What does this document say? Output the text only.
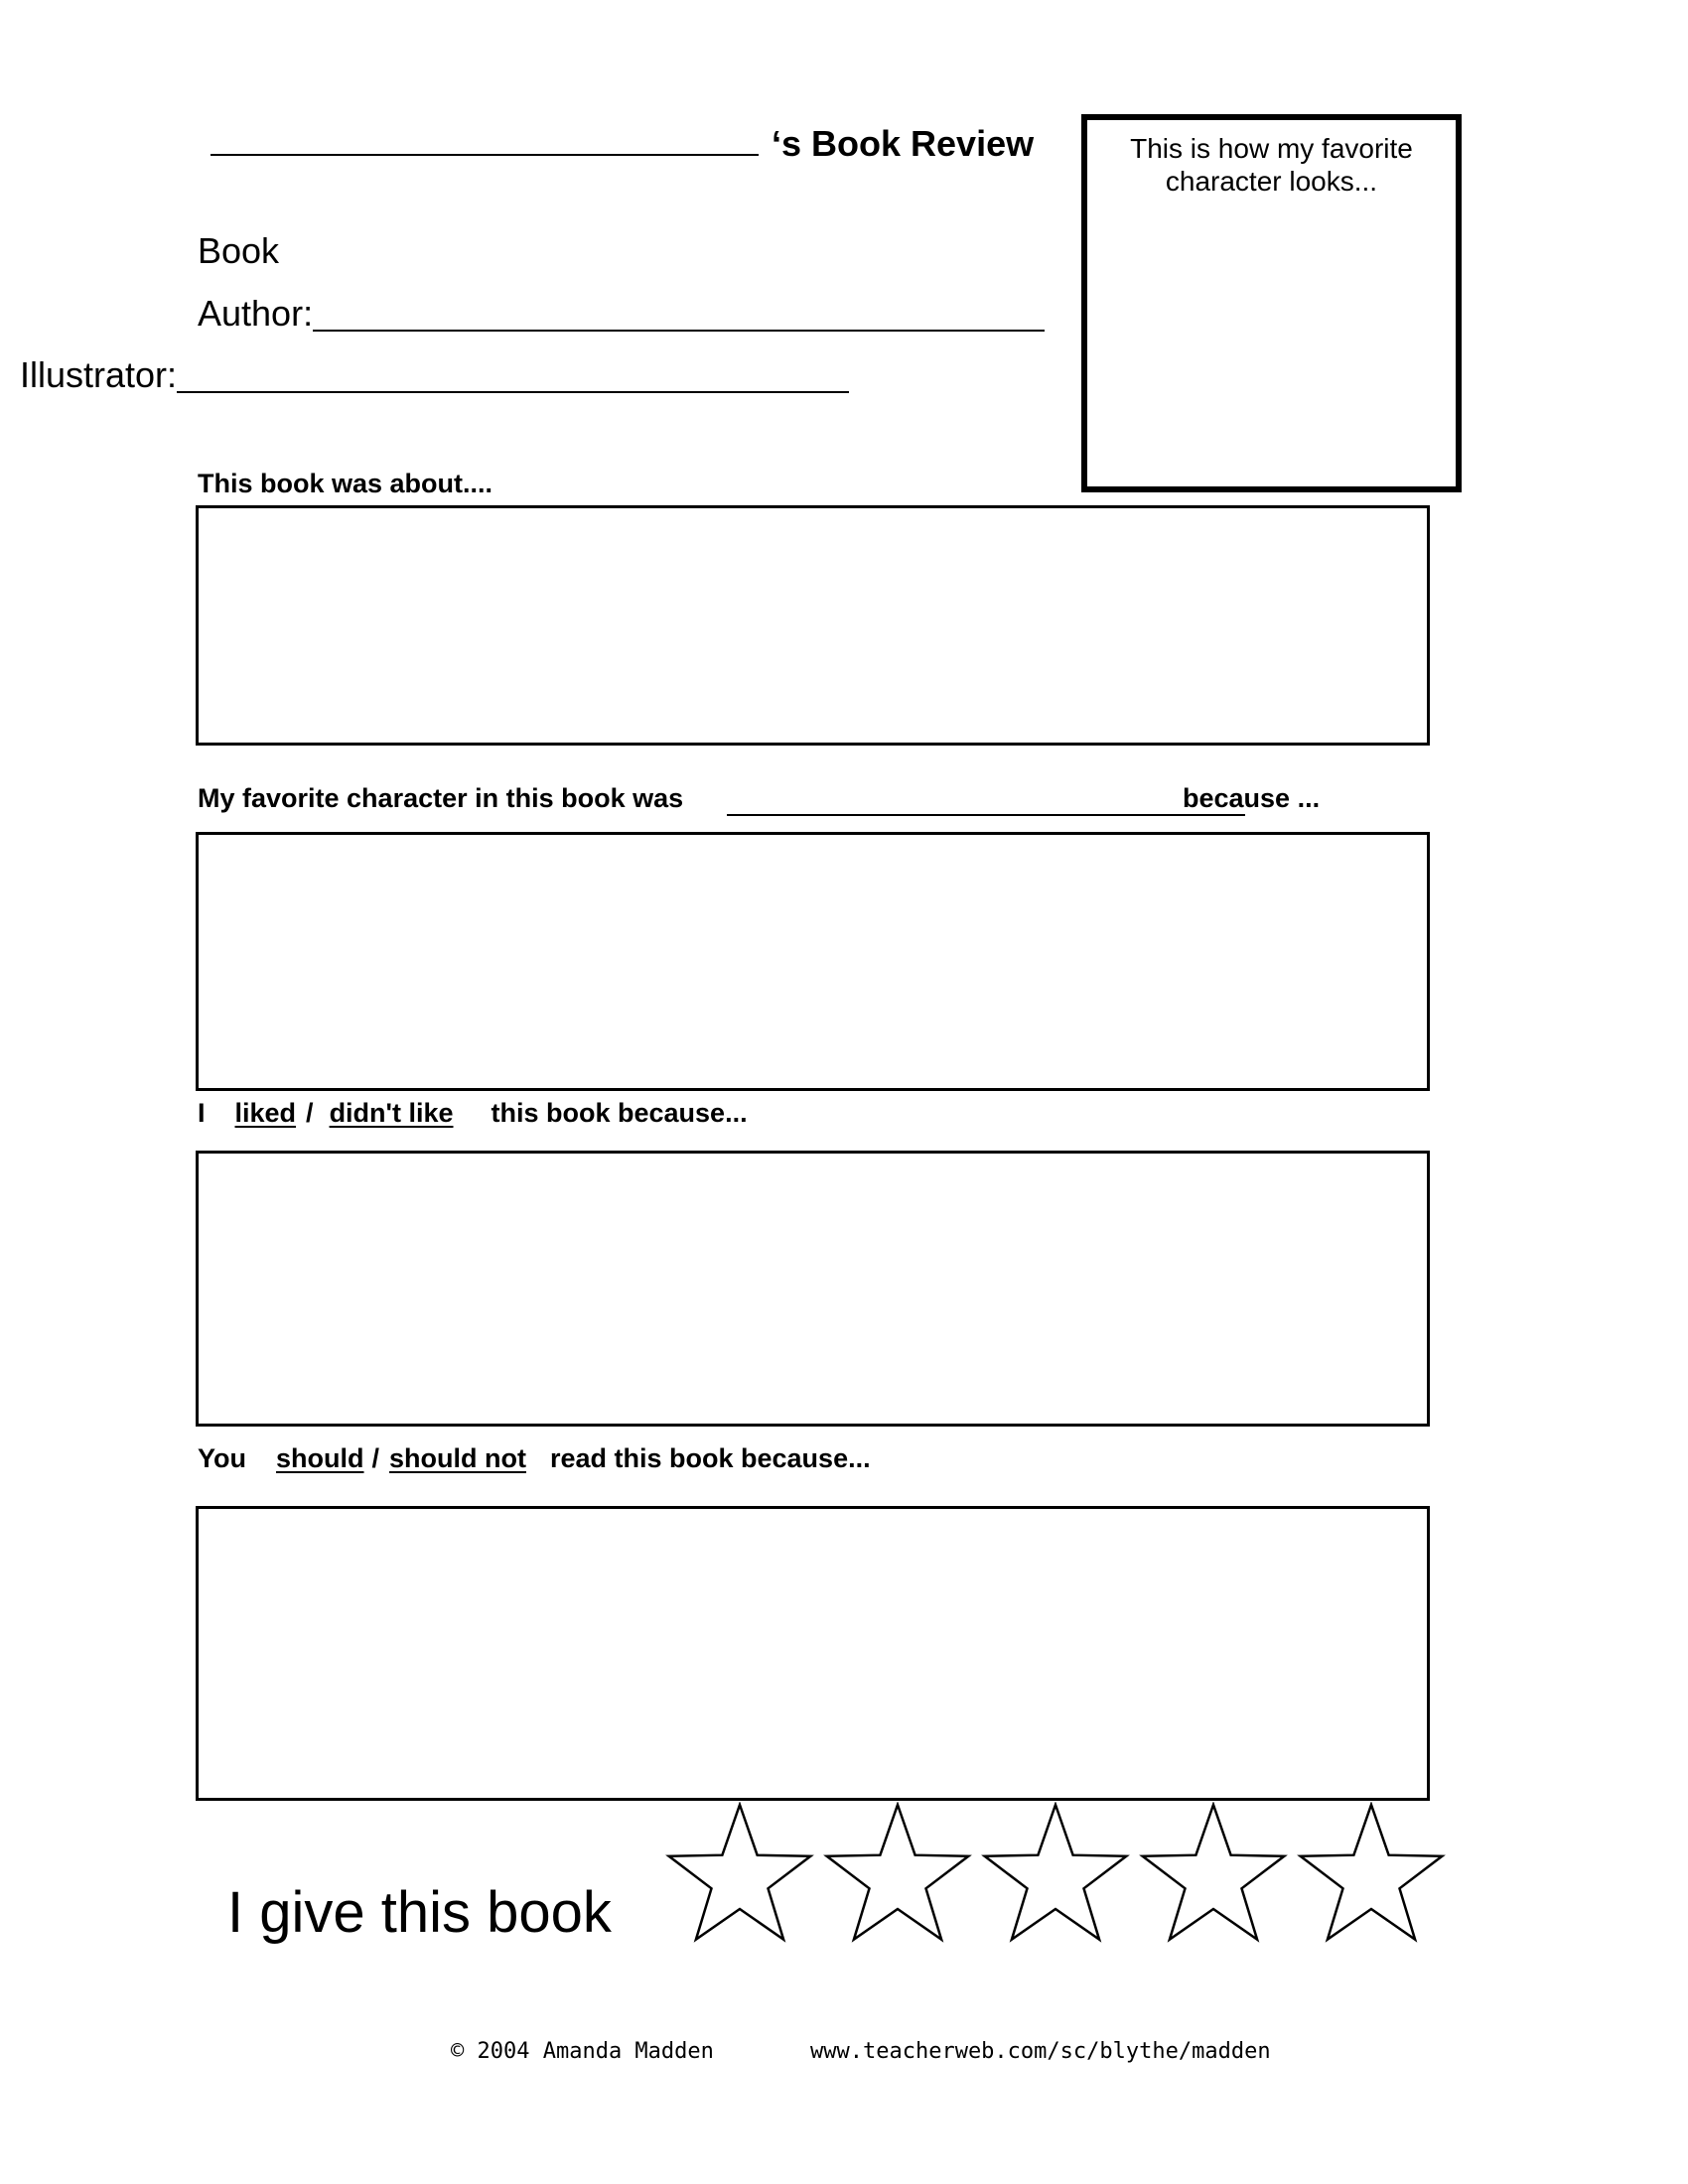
‘s Book Review
Book
Author:
Illustrator:
This is how my favorite character looks...
This book was about....
My favorite character in this book was	because ...
I liked / didn't like this book because...
You should / should not read this book because...
I give this book
© 2004 Amanda Madden	www.teacherweb.com/sc/blythe/madden
